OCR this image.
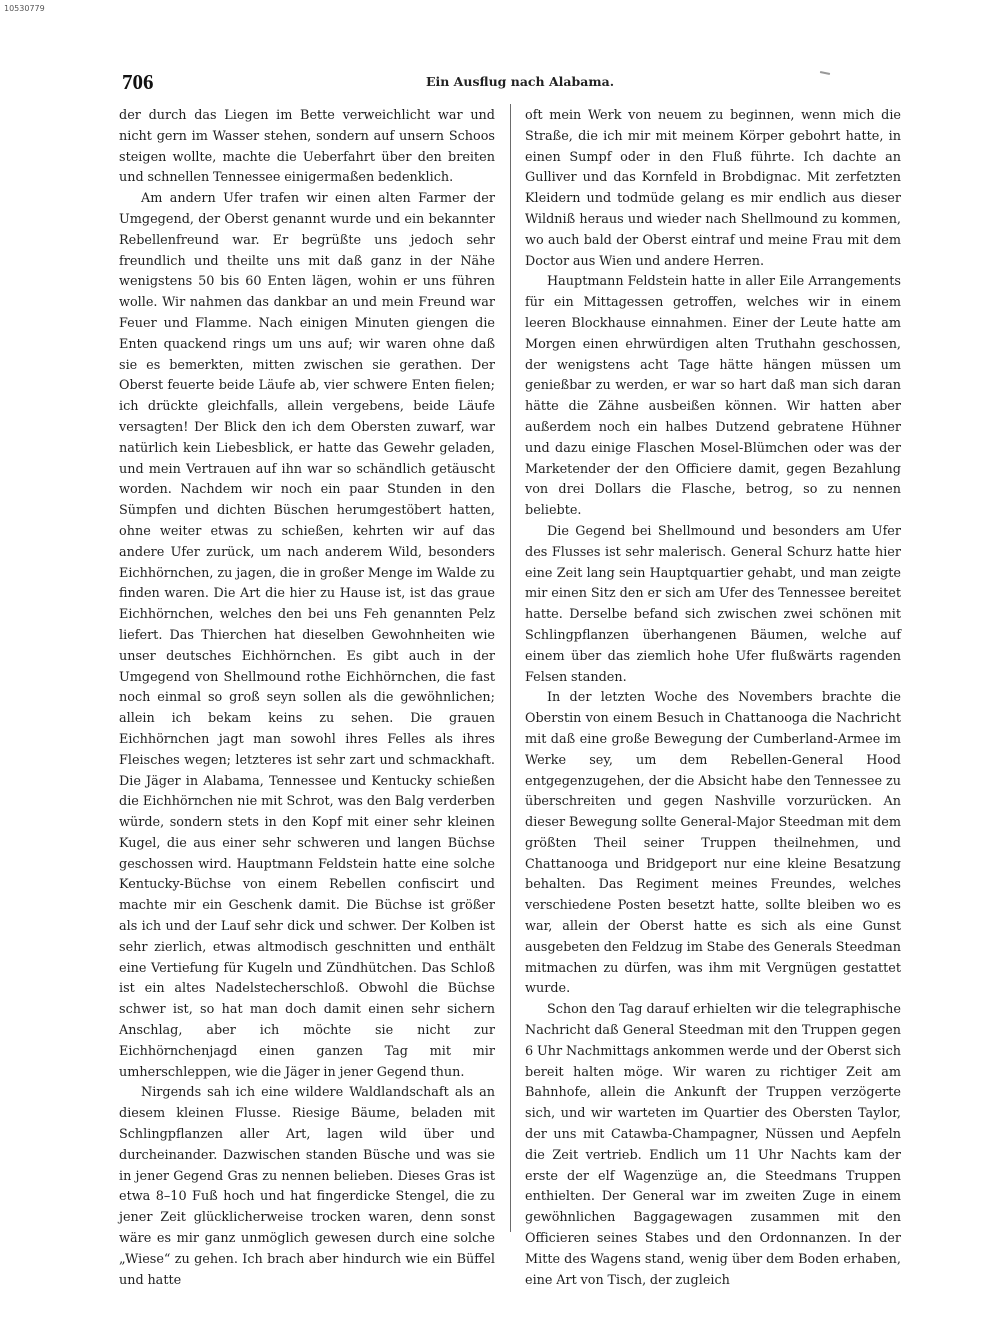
10530779
706	Ein Ausflug nach Alabama.

der durch das Liegen im Bette verweichlicht war und nicht gern im Wasser stehen, sondern auf unsern Schoos steigen wollte, machte die Ueberfahrt über den breiten und schnellen Tennessee einigermaßen bedenklich.

Am andern Ufer trafen wir einen alten Farmer der Umgegend, der Oberst genannt wurde und ein bekannter Rebellenfreund war. Er begrüßte uns jedoch sehr freundlich und theilte uns mit daß ganz in der Nähe wenigstens 50 bis 60 Enten lägen, wohin er uns führen wolle. Wir nahmen das dankbar an und mein Freund war Feuer und Flamme. Nach einigen Minuten giengen die Enten quackend rings um uns auf; wir waren ohne daß sie es bemerkten, mitten zwischen sie gerathen. Der Oberst feuerte beide Läufe ab, vier schwere Enten fielen; ich drückte gleichfalls, allein vergebens, beide Läufe versagten! Der Blick den ich dem Obersten zuwarf, war natürlich kein Liebesblick, er hatte das Gewehr geladen, und mein Vertrauen auf ihn war so schändlich getäuscht worden. Nachdem wir noch ein paar Stunden in den Sümpfen und dichten Büschen herumgestöbert hatten, ohne weiter etwas zu schießen, kehrten wir auf das andere Ufer zurück, um nach anderem Wild, besonders Eichhörnchen, zu jagen, die in großer Menge im Walde zu finden waren. Die Art die hier zu Hause ist, ist das graue Eichhörnchen, welches den bei uns Feh genannten Pelz liefert. Das Thierchen hat dieselben Gewohnheiten wie unser deutsches Eichhörnchen. Es gibt auch in der Umgegend von Shellmound rothe Eichhörnchen, die fast noch einmal so groß seyn sollen als die gewöhnlichen; allein ich bekam keins zu sehen. Die grauen Eichhörnchen jagt man sowohl ihres Felles als ihres Fleisches wegen; letzteres ist sehr zart und schmackhaft. Die Jäger in Alabama, Tennessee und Kentucky schießen die Eichhörnchen nie mit Schrot, was den Balg verderben würde, sondern stets in den Kopf mit einer sehr kleinen Kugel, die aus einer sehr schweren und langen Büchse geschossen wird. Hauptmann Feldstein hatte eine solche Kentucky-Büchse von einem Rebellen confiscirt und machte mir ein Geschenk damit. Die Büchse ist größer als ich und der Lauf sehr dick und schwer. Der Kolben ist sehr zierlich, etwas altmodisch geschnitten und enthält eine Vertiefung für Kugeln und Zündhütchen. Das Schloß ist ein altes Nadelstecherschloß. Obwohl die Büchse schwer ist, so hat man doch damit einen sehr sichern Anschlag, aber ich möchte sie nicht zur Eichhörnchenjagd einen ganzen Tag mit mir umherschleppen, wie die Jäger in jener Gegend thun.

Nirgends sah ich eine wildere Waldlandschaft als an diesem kleinen Flusse. Riesige Bäume, beladen mit Schlingpflanzen aller Art, lagen wild über und durcheinander. Dazwischen standen Büsche und was sie in jener Gegend Gras zu nennen belieben. Dieses Gras ist etwa 8–10 Fuß hoch und hat fingerdicke Stengel, die zu jener Zeit glücklicherweise trocken waren, denn sonst wäre es mir ganz unmöglich gewesen durch eine solche „Wiese“ zu gehen. Ich brach aber hindurch wie ein Büffel und hatte

oft mein Werk von neuem zu beginnen, wenn mich die Straße, die ich mir mit meinem Körper gebohrt hatte, in einen Sumpf oder in den Fluß führte. Ich dachte an Gulliver und das Kornfeld in Brobdignac. Mit zerfetzten Kleidern und todmüde gelang es mir endlich aus dieser Wildniß heraus und wieder nach Shellmound zu kommen, wo auch bald der Oberst eintraf und meine Frau mit dem Doctor aus Wien und andere Herren.

Hauptmann Feldstein hatte in aller Eile Arrangements für ein Mittagessen getroffen, welches wir in einem leeren Blockhause einnahmen. Einer der Leute hatte am Morgen einen ehrwürdigen alten Truthahn geschossen, der wenigstens acht Tage hätte hängen müssen um genießbar zu werden, er war so hart daß man sich daran hätte die Zähne ausbeißen können. Wir hatten aber außerdem noch ein halbes Dutzend gebratene Hühner und dazu einige Flaschen Mosel-Blümchen oder was der Marketender der den Officiere damit, gegen Bezahlung von drei Dollars die Flasche, betrog, so zu nennen beliebte.

Die Gegend bei Shellmound und besonders am Ufer des Flusses ist sehr malerisch. General Schurz hatte hier eine Zeit lang sein Hauptquartier gehabt, und man zeigte mir einen Sitz den er sich am Ufer des Tennessee bereitet hatte. Derselbe befand sich zwischen zwei schönen mit Schlingpflanzen überhangenen Bäumen, welche auf einem über das ziemlich hohe Ufer flußwärts ragenden Felsen standen.

In der letzten Woche des Novembers brachte die Oberstin von einem Besuch in Chattanooga die Nachricht mit daß eine große Bewegung der Cumberland-Armee im Werke sey, um dem Rebellen-General Hood entgegenzugehen, der die Absicht habe den Tennessee zu überschreiten und gegen Nashville vorzurücken. An dieser Bewegung sollte General-Major Steedman mit dem größten Theil seiner Truppen theilnehmen, und Chattanooga und Bridgeport nur eine kleine Besatzung behalten. Das Regiment meines Freundes, welches verschiedene Posten besetzt hatte, sollte bleiben wo es war, allein der Oberst hatte es sich als eine Gunst ausgebeten den Feldzug im Stabe des Generals Steedman mitmachen zu dürfen, was ihm mit Vergnügen gestattet wurde.

Schon den Tag darauf erhielten wir die telegraphische Nachricht daß General Steedman mit den Truppen gegen 6 Uhr Nachmittags ankommen werde und der Oberst sich bereit halten möge. Wir waren zu richtiger Zeit am Bahnhofe, allein die Ankunft der Truppen verzögerte sich, und wir warteten im Quartier des Obersten Taylor, der uns mit Catawba-Champagner, Nüssen und Aepfeln die Zeit vertrieb. Endlich um 11 Uhr Nachts kam der erste der elf Wagenzüge an, die Steedmans Truppen enthielten. Der General war im zweiten Zuge in einem gewöhnlichen Baggagewagen zusammen mit den Officieren seines Stabes und den Ordonnanzen. In der Mitte des Wagens stand, wenig über dem Boden erhaben, eine Art von Tisch, der zugleich
